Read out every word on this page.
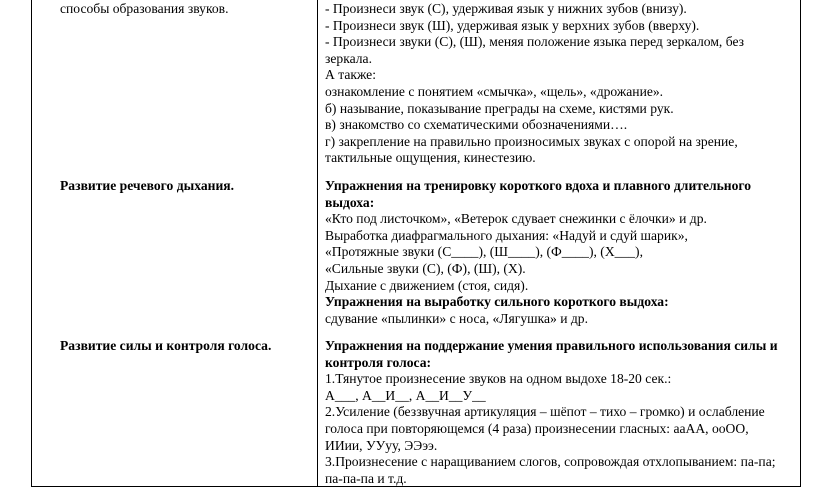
способы образования звуков.	- Произнеси звук (С), удерживая язык у нижних зубов (внизу).
- Произнеси звук (Ш), удерживая язык у верхних зубов (вверху).
- Произнеси звуки (С), (Ш), меняя положение языка перед зеркалом, без
зеркала.
А также:
ознакомление с понятием «смычка», «щель», «дрожание».
б) называние, показывание преграды на схеме, кистями рук.
в) знакомство со схематическими обозначениями….
г) закрепление на правильно произносимых звуках с опорой на зрение,
тактильные ощущения, кинестезию.
Развитие речевого дыхания.	Упражнения на тренировку короткого вдоха и плавного длительного
выдоха:
«Кто под листочком», «Ветерок сдувает снежинки с ёлочки» и др.
Выработка диафрагмального дыхания: «Надуй и сдуй шарик»,
«Протяжные звуки (С____), (Ш____), (Ф____), (Х___),
«Сильные звуки (С), (Ф), (Ш), (Х).
Дыхание с движением (стоя, сидя).
Упражнения на выработку сильного короткого выдоха:
сдувание «пылинки» с носа, «Лягушка» и др.
Развитие силы и контроля голоса.	Упражнения на поддержание умения правильного использования силы и
контроля голоса:
1.Тянутое произнесение звуков на одном выдохе 18-20 сек.:
А___, А__И__, А__И__У__
2.Усиление (беззвучная артикуляция – шёпот – тихо – громко) и ослабление
голоса при повторяющемся (4 раза) произнесении гласных: ааАА, ооОО,
ИИии, УУуу, ЭЭээ.
3.Произнесение с наращиванием слогов, сопровождая отхлопыванием: па-па;
па-па-па и т.д.
